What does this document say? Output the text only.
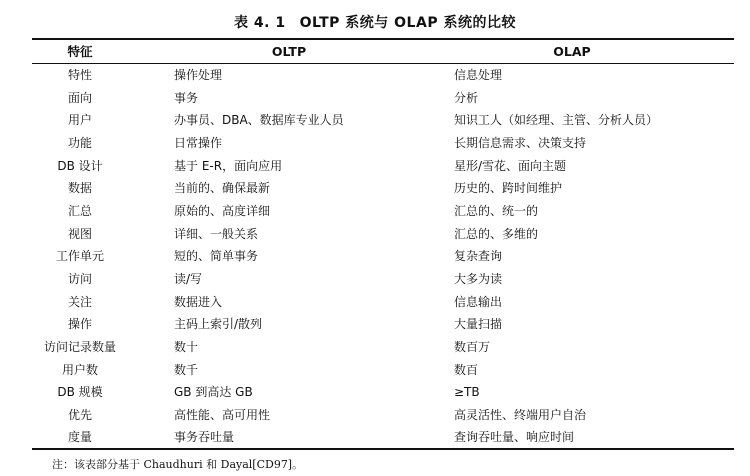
表 4. 1 OLTP 系统与 OLAP 系统的比较
特征	OLTP	OLAP
特性	操作处理	信息处理
面向	事务	分析
用户	办事员、DBA、数据库专业人员	知识工人（如经理、主管、分析人员）
功能	日常操作	长期信息需求、决策支持
DB 设计	基于 E-R，面向应用	星形/雪花、面向主题
数据	当前的、确保最新	历史的、跨时间维护
汇总	原始的、高度详细	汇总的、统一的
视图	详细、一般关系	汇总的、多维的
工作单元	短的、简单事务	复杂查询
访问	读/写	大多为读
关注	数据进入	信息输出
操作	主码上索引/散列	大量扫描
访问记录数量	数十	数百万
用户数	数千	数百
DB 规模	GB 到高达 GB	≥TB
优先	高性能、高可用性	高灵活性、终端用户自治
度量	事务吞吐量	查询吞吐量、响应时间
注：该表部分基于 Chaudhuri 和 Dayal[CD97]。
